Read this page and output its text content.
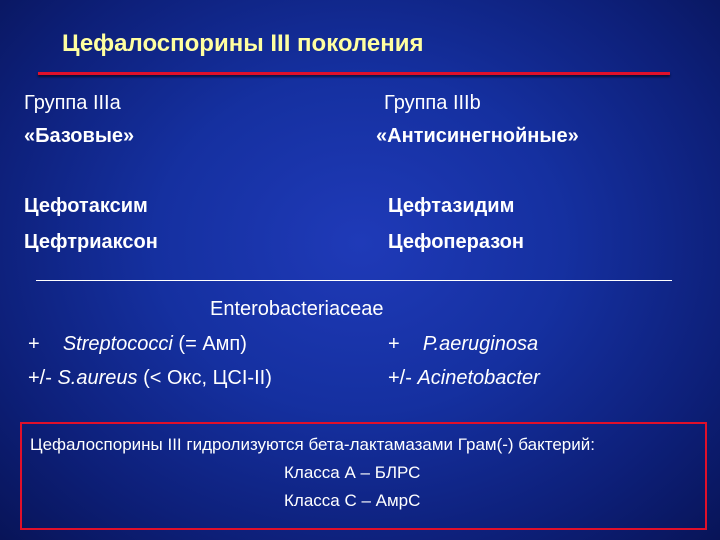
Цефалоспорины III поколения
Группа IIIa
«Базовые»
Цефотаксим
Цефтриаксон
Группа IIIb
«Антисинегнойные»
Цефтазидим
Цефоперазон
Enterobacteriaceae
+ Streptococci (= Амп)
+/- S.aureus (< Окс, ЦСI-II)
+ P.aeruginosa
+/- Acinetobacter
Цефалоспорины III гидролизуются бета-лактамазами Грам(-) бактерий:
Класса А – БЛРС
Класса С – АмрС
